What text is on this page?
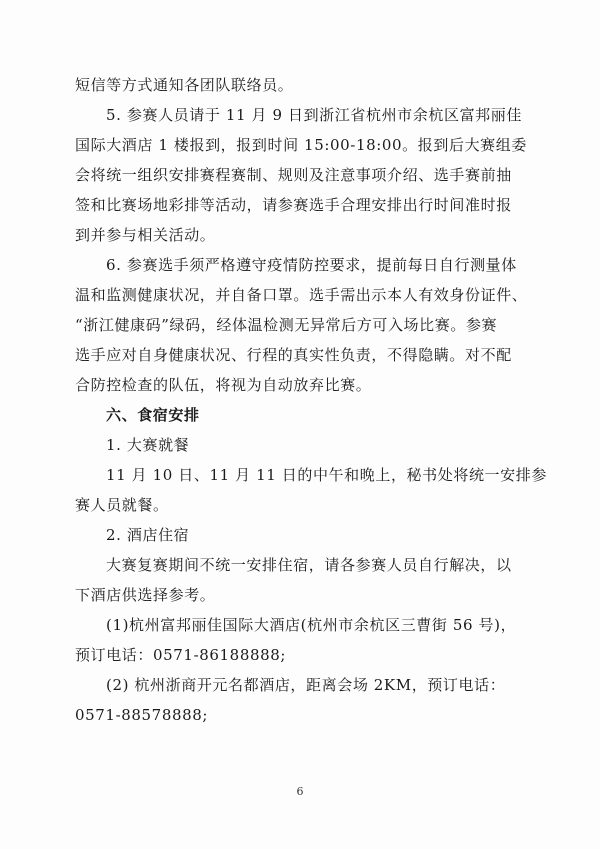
短信等方式通知各团队联络员。
5. 参赛人员请于 11 月 9 日到浙江省杭州市余杭区富邦丽佳
国际大酒店 1 楼报到，报到时间 15:00-18:00。报到后大赛组委
会将统一组织安排赛程赛制、规则及注意事项介绍、选手赛前抽
签和比赛场地彩排等活动，请参赛选手合理安排出行时间准时报
到并参与相关活动。
6. 参赛选手须严格遵守疫情防控要求，提前每日自行测量体
温和监测健康状况，并自备口罩。选手需出示本人有效身份证件、
“浙江健康码”绿码，经体温检测无异常后方可入场比赛。参赛
选手应对自身健康状况、行程的真实性负责，不得隐瞒。对不配
合防控检查的队伍，将视为自动放弃比赛。
六、食宿安排
1. 大赛就餐
11 月 10 日、11 月 11 日的中午和晚上，秘书处将统一安排参
赛人员就餐。
2. 酒店住宿
大赛复赛期间不统一安排住宿，请各参赛人员自行解决，以
下酒店供选择参考。
(1)杭州富邦丽佳国际大酒店(杭州市余杭区三曹街 56 号)，
预订电话：0571-86188888;
(2) 杭州浙商开元名都酒店，距离会场 2KM，预订电话：
0571-88578888;
6
